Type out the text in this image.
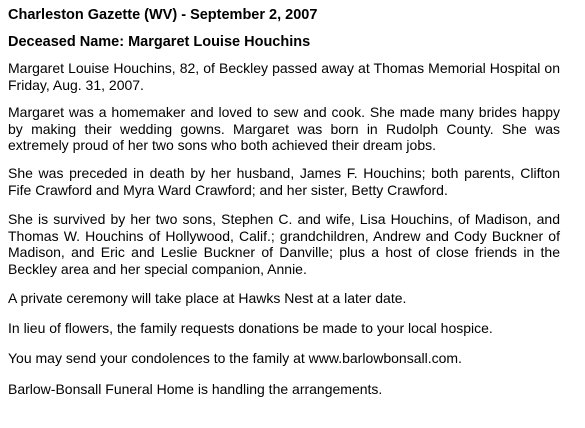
Charleston Gazette (WV) - September 2, 2007
Deceased Name: Margaret Louise Houchins

Margaret Louise Houchins, 82, of Beckley passed away at Thomas Memorial Hospital on Friday, Aug. 31, 2007.

Margaret was a homemaker and loved to sew and cook. She made many brides happy by making their wedding gowns. Margaret was born in Rudolph County. She was extremely proud of her two sons who both achieved their dream jobs.

She was preceded in death by her husband, James F. Houchins; both parents, Clifton Fife Crawford and Myra Ward Crawford; and her sister, Betty Crawford.

She is survived by her two sons, Stephen C. and wife, Lisa Houchins, of Madison, and Thomas W. Houchins of Hollywood, Calif.; grandchildren, Andrew and Cody Buckner of Madison, and Eric and Leslie Buckner of Danville; plus a host of close friends in the Beckley area and her special companion, Annie.

A private ceremony will take place at Hawks Nest at a later date.

In lieu of flowers, the family requests donations be made to your local hospice.

You may send your condolences to the family at www.barlowbonsall.com.

Barlow-Bonsall Funeral Home is handling the arrangements.
